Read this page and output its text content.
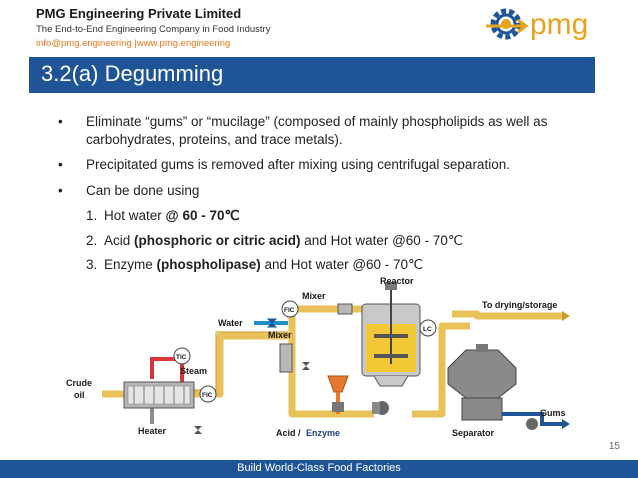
PMG Engineering Private Limited
The End-to-End Engineering Company in Food Industry
info@pmg.engineering |www.pmg.engineering
pmg
3.2(a) Degumming
• Eliminate “gums” or “mucilage” (composed of mainly phospholipids as well as carbohydrates, proteins, and trace metals).
• Precipitated gums is removed after mixing using centrifugal separation.
• Can be done using
1. Hot water @ 60 - 70℃
2. Acid (phosphoric or citric acid) and Hot water @60 - 70℃
3. Enzyme (phospholipase) and Hot water @60 - 70℃
TIC
FIC
FIC
LC
Reactor
Mixer
Mixer
Water
Steam
Crude
oil
Heater	Acid / Enzyme	Separator
Gums
To drying/storage
15
Build World-Class Food Factories
